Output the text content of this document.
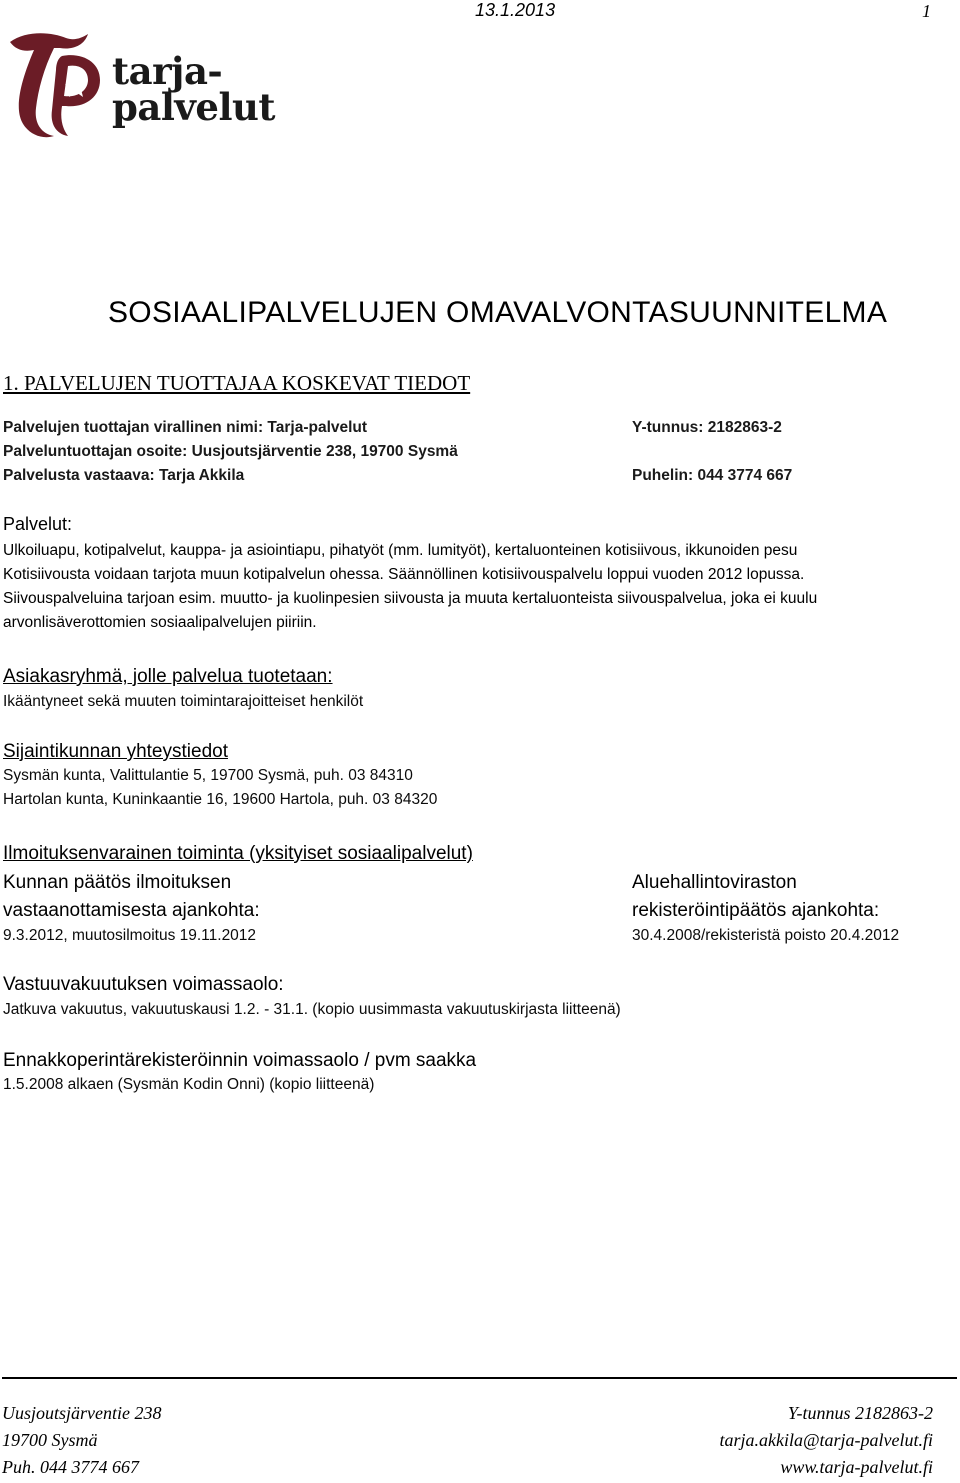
13.1.2013	1
tarja-
palvelut
SOSIAALIPALVELUJEN OMAVALVONTASUUNNITELMA
1. PALVELUJEN TUOTTAJAA KOSKEVAT TIEDOT
Palvelujen tuottajan virallinen nimi: Tarja-palvelut	Y-tunnus: 2182863-2
Palveluntuottajan osoite: Uusjoutsjärventie 238, 19700 Sysmä
Palvelusta vastaava: Tarja Akkila	Puhelin: 044 3774 667
Palvelut:
Ulkoiluapu, kotipalvelut, kauppa- ja asiointiapu, pihatyöt (mm. lumityöt), kertaluonteinen kotisiivous, ikkunoiden pesu
Kotisiivousta voidaan tarjota muun kotipalvelun ohessa. Säännöllinen kotisiivouspalvelu loppui vuoden 2012 lopussa.
Siivouspalveluina tarjoan esim. muutto- ja kuolinpesien siivousta ja muuta kertaluonteista siivouspalvelua, joka ei kuulu
arvonlisäverottomien sosiaalipalvelujen piiriin.
Asiakasryhmä, jolle palvelua tuotetaan:
Ikääntyneet sekä muuten toimintarajoitteiset henkilöt
Sijaintikunnan yhteystiedot
Sysmän kunta, Valittulantie 5, 19700 Sysmä, puh. 03 84310
Hartolan kunta, Kuninkaantie 16, 19600 Hartola, puh. 03 84320
Ilmoituksenvarainen toiminta (yksityiset sosiaalipalvelut)
Kunnan päätös ilmoituksen
vastaanottamisesta ajankohta:
9.3.2012, muutosilmoitus 19.11.2012
Aluehallintoviraston
rekisteröintipäätös ajankohta:
30.4.2008/rekisteristä poisto 20.4.2012
Vastuuvakuutuksen voimassaolo:
Jatkuva vakuutus, vakuutuskausi 1.2. - 31.1. (kopio uusimmasta vakuutuskirjasta liitteenä)
Ennakkoperintärekisteröinnin voimassaolo / pvm saakka
1.5.2008 alkaen (Sysmän Kodin Onni) (kopio liitteenä)
Uusjoutsjärventie 238
19700 Sysmä
Puh. 044 3774 667
Y-tunnus 2182863-2
tarja.akkila@tarja-palvelut.fi
www.tarja-palvelut.fi
